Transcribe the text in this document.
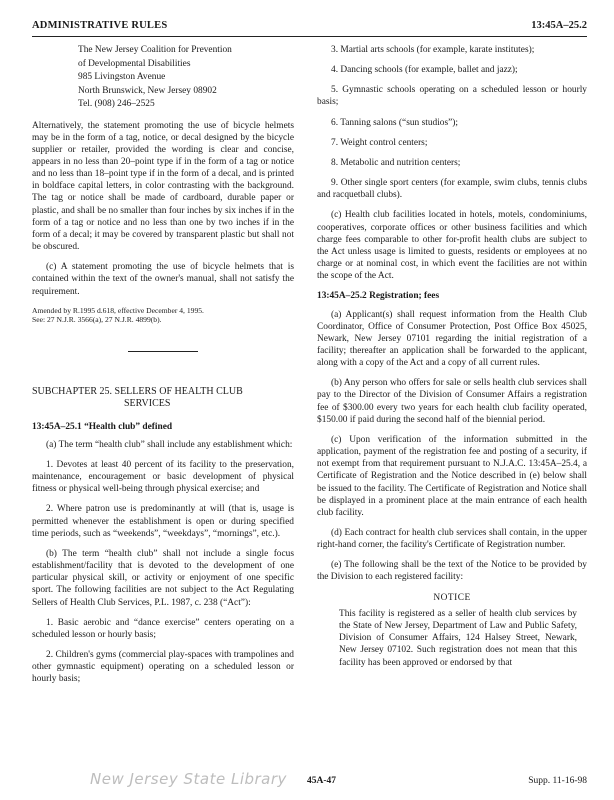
ADMINISTRATIVE RULES	13:45A–25.2
The New Jersey Coalition for Prevention
of Developmental Disabilities
985 Livingston Avenue
North Brunswick, New Jersey 08902
Tel. (908) 246–2525

Alternatively, the statement promoting the use of bicycle helmets may be in the form of a tag, notice, or decal designed by the bicycle supplier or retailer, provided the wording is clear and concise, appears in no less than 20–point type if in the form of a tag or notice and no less than 18–point type if in the form of a decal, and is printed in boldface capital letters, in color contrasting with the background. The tag or notice shall be made of cardboard, durable paper or plastic, and shall be no smaller than four inches by six inches if in the form of a tag or notice and no less than one by two inches if in the form of a decal; it may be covered by transparent plastic but shall not be obscured.

(c) A statement promoting the use of bicycle helmets that is contained within the text of the owner's manual, shall not satisfy the requirement.

Amended by R.1995 d.618, effective December 4, 1995.
See: 27 N.J.R. 3566(a), 27 N.J.R. 4899(b).
SUBCHAPTER 25. SELLERS OF HEALTH CLUB
SERVICES
13:45A–25.1 “Health club” defined

(a) The term “health club” shall include any establishment which:

1. Devotes at least 40 percent of its facility to the preservation, maintenance, encouragement or basic development of physical fitness or physical well-being through physical exercise; and

2. Where patron use is predominantly at will (that is, usage is permitted whenever the establishment is open or during specified time periods, such as “weekends”, “weekdays”, “mornings”, etc.).

(b) The term “health club” shall not include a single focus establishment/facility that is devoted to the development of one particular physical skill, or activity or enjoyment of one specific sport. The following facilities are not subject to the Act Regulating Sellers of Health Club Services, P.L. 1987, c. 238 (“Act”):

1. Basic aerobic and “dance exercise” centers operating on a scheduled lesson or hourly basis;

2. Children's gyms (commercial play-spaces with trampolines and other gymnastic equipment) operating on a scheduled lesson or hourly basis;

3. Martial arts schools (for example, karate institutes);

4. Dancing schools (for example, ballet and jazz);

5. Gymnastic schools operating on a scheduled lesson or hourly basis;

6. Tanning salons (“sun studios”);

7. Weight control centers;

8. Metabolic and nutrition centers;

9. Other single sport centers (for example, swim clubs, tennis clubs and racquetball clubs).

(c) Health club facilities located in hotels, motels, condominiums, cooperatives, corporate offices or other business facilities and which charge fees comparable to other for-profit health clubs are subject to the Act unless usage is limited to guests, residents or employees at no charge or at nominal cost, in which event the facilities are not within the scope of the Act.

13:45A–25.2 Registration; fees

(a) Applicant(s) shall request information from the Health Club Coordinator, Office of Consumer Protection, Post Office Box 45025, Newark, New Jersey 07101 regarding the initial registration of a facility; thereafter an application shall be forwarded to the applicant, along with a copy of the Act and a copy of all current rules.

(b) Any person who offers for sale or sells health club services shall pay to the Director of the Division of Consumer Affairs a registration fee of $300.00 every two years for each health club facility operated, $150.00 if paid during the second half of the biennial period.

(c) Upon verification of the information submitted in the application, payment of the registration fee and posting of a security, if not exempt from that requirement pursuant to N.J.A.C. 13:45A–25.4, a Certificate of Registration and the Notice described in (e) below shall be issued to the facility. The Certificate of Registration and Notice shall be displayed in a prominent place at the main entrance of each health club facility.

(d) Each contract for health club services shall contain, in the upper right-hand corner, the facility's Certificate of Registration number.

(e) The following shall be the text of the Notice to be provided by the Division to each registered facility:

NOTICE
This facility is registered as a seller of health club services by the State of New Jersey, Department of Law and Public Safety, Division of Consumer Affairs, 124 Halsey Street, Newark, New Jersey 07102. Such registration does not mean that this facility has been approved or endorsed by that
New Jersey State Library 45A-47	Supp. 11-16-98
